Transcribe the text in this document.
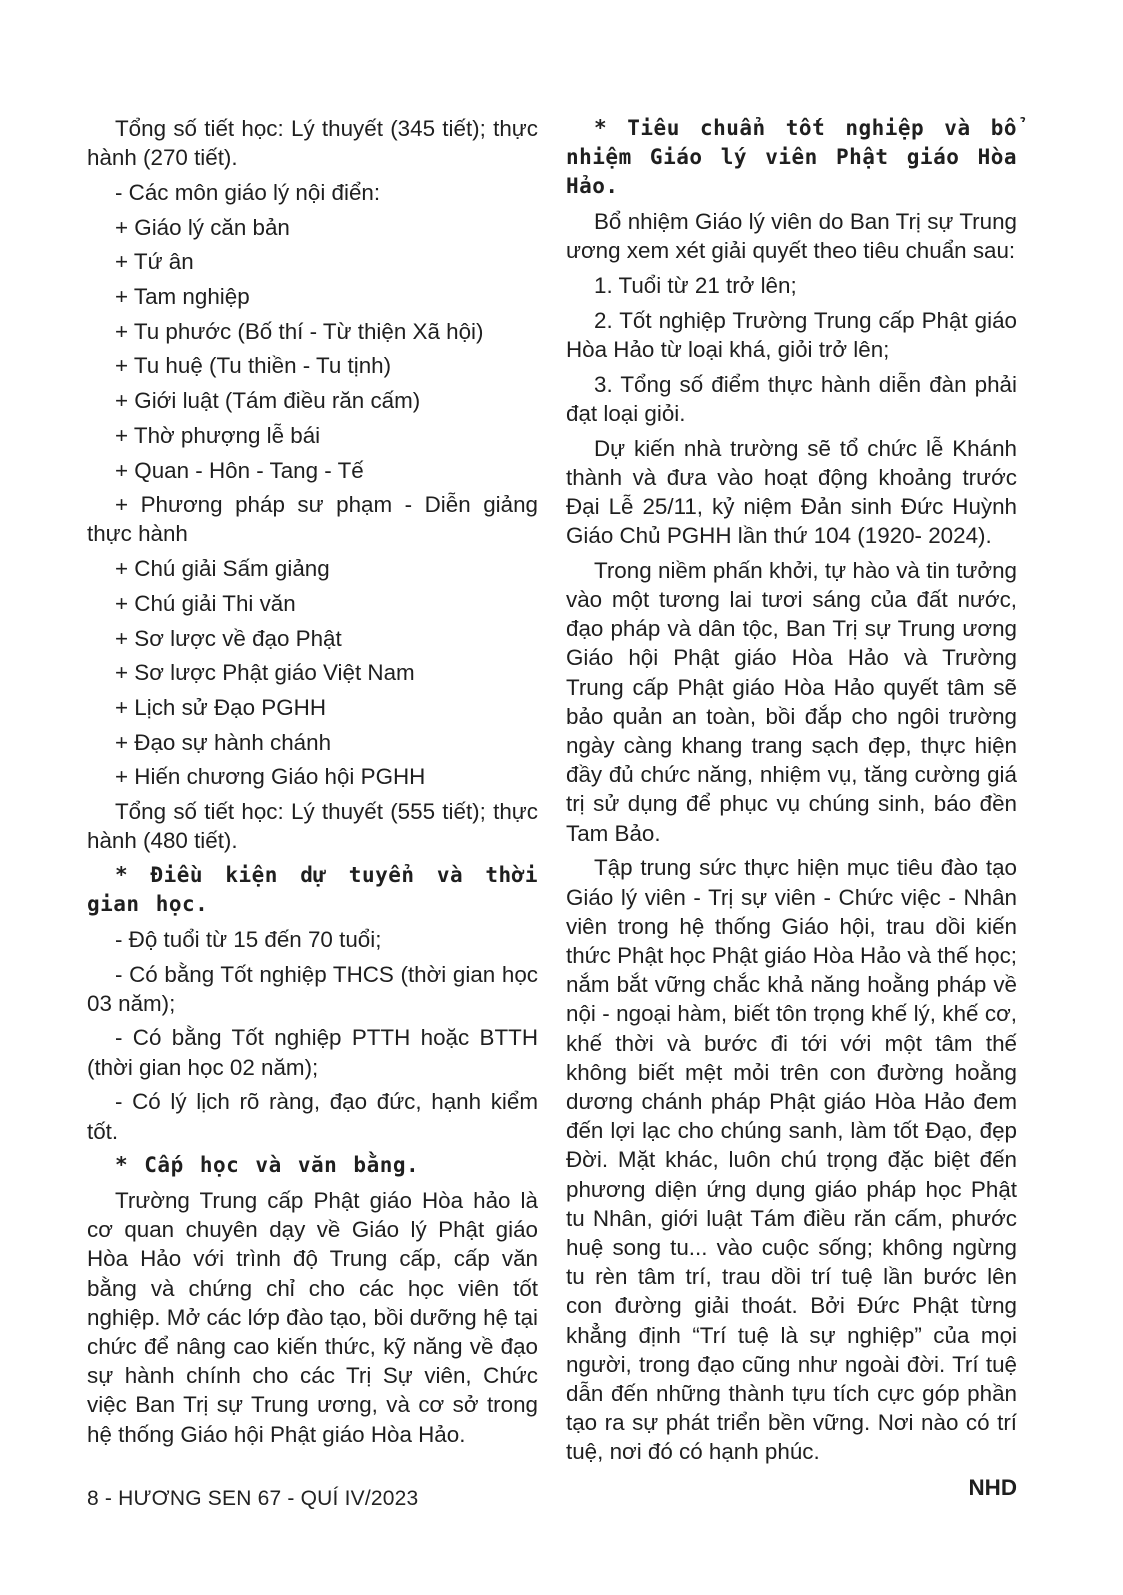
Tổng số tiết học: Lý thuyết (345 tiết); thực hành (270 tiết).

- Các môn giáo lý nội điển:

+ Giáo lý căn bản

+ Tứ ân

+ Tam nghiệp

+ Tu phước (Bố thí - Từ thiện Xã hội)

+ Tu huệ (Tu thiền - Tu tịnh)

+ Giới luật (Tám điều răn cấm)

+ Thờ phượng lễ bái

+ Quan - Hôn - Tang - Tế

+ Phương pháp sư phạm - Diễn giảng thực hành

+ Chú giải Sấm giảng

+ Chú giải Thi văn

+ Sơ lược về đạo Phật

+ Sơ lược Phật giáo Việt Nam

+ Lịch sử Đạo PGHH

+ Đạo sự hành chánh

+ Hiến chương Giáo hội PGHH

Tổng số tiết học: Lý thuyết (555 tiết); thực hành (480 tiết).

* Điều kiện dự tuyển và thời gian học.

- Độ tuổi từ 15 đến 70 tuổi;

- Có bằng Tốt nghiệp THCS (thời gian học 03 năm);

- Có bằng Tốt nghiệp PTTH hoặc BTTH (thời gian học 02 năm);

- Có lý lịch rõ ràng, đạo đức, hạnh kiểm tốt.

* Cấp học và văn bằng.

Trường Trung cấp Phật giáo Hòa hảo là cơ quan chuyên dạy về Giáo lý Phật giáo Hòa Hảo với trình độ Trung cấp, cấp văn bằng và chứng chỉ cho các học viên tốt nghiệp. Mở các lớp đào tạo, bồi dưỡng hệ tại chức để nâng cao kiến thức, kỹ năng về đạo sự hành chính cho các Trị Sự viên, Chức việc Ban Trị sự Trung ương, và cơ sở trong hệ thống Giáo hội Phật giáo Hòa Hảo.

* Tiêu chuẩn tốt nghiệp và bổ nhiệm Giáo lý viên Phật giáo Hòa Hảo.

Bổ nhiệm Giáo lý viên do Ban Trị sự Trung ương xem xét giải quyết theo tiêu chuẩn sau:

1. Tuổi từ 21 trở lên;

2. Tốt nghiệp Trường Trung cấp Phật giáo Hòa Hảo từ loại khá, giỏi trở lên;

3. Tổng số điểm thực hành diễn đàn phải đạt loại giỏi.

Dự kiến nhà trường sẽ tổ chức lễ Khánh thành và đưa vào hoạt động khoảng trước Đại Lễ 25/11, kỷ niệm Đản sinh Đức Huỳnh Giáo Chủ PGHH lần thứ 104 (1920- 2024).

Trong niềm phấn khởi, tự hào và tin tưởng vào một tương lai tươi sáng của đất nước, đạo pháp và dân tộc, Ban Trị sự Trung ương Giáo hội Phật giáo Hòa Hảo và Trường Trung cấp Phật giáo Hòa Hảo quyết tâm sẽ bảo quản an toàn, bồi đắp cho ngôi trường ngày càng khang trang sạch đẹp, thực hiện đầy đủ chức năng, nhiệm vụ, tăng cường giá trị sử dụng để phục vụ chúng sinh, báo đền Tam Bảo.

Tập trung sức thực hiện mục tiêu đào tạo Giáo lý viên - Trị sự viên - Chức việc - Nhân viên trong hệ thống Giáo hội, trau dồi kiến thức Phật học Phật giáo Hòa Hảo và thế học; nắm bắt vững chắc khả năng hoằng pháp về nội - ngoại hàm, biết tôn trọng khế lý, khế cơ, khế thời và bước đi tới với một tâm thế không biết mệt mỏi trên con đường hoằng dương chánh pháp Phật giáo Hòa Hảo đem đến lợi lạc cho chúng sanh, làm tốt Đạo, đẹp Đời. Mặt khác, luôn chú trọng đặc biệt đến phương diện ứng dụng giáo pháp học Phật tu Nhân, giới luật Tám điều răn cấm, phước huệ song tu... vào cuộc sống; không ngừng tu rèn tâm trí, trau dồi trí tuệ lần bước lên con đường giải thoát. Bởi Đức Phật từng khẳng định “Trí tuệ là sự nghiệp” của mọi người, trong đạo cũng như ngoài đời. Trí tuệ dẫn đến những thành tựu tích cực góp phần tạo ra sự phát triển bền vững. Nơi nào có trí tuệ, nơi đó có hạnh phúc.

NHD

8 - HƯƠNG SEN 67 - QUÍ IV/2023
